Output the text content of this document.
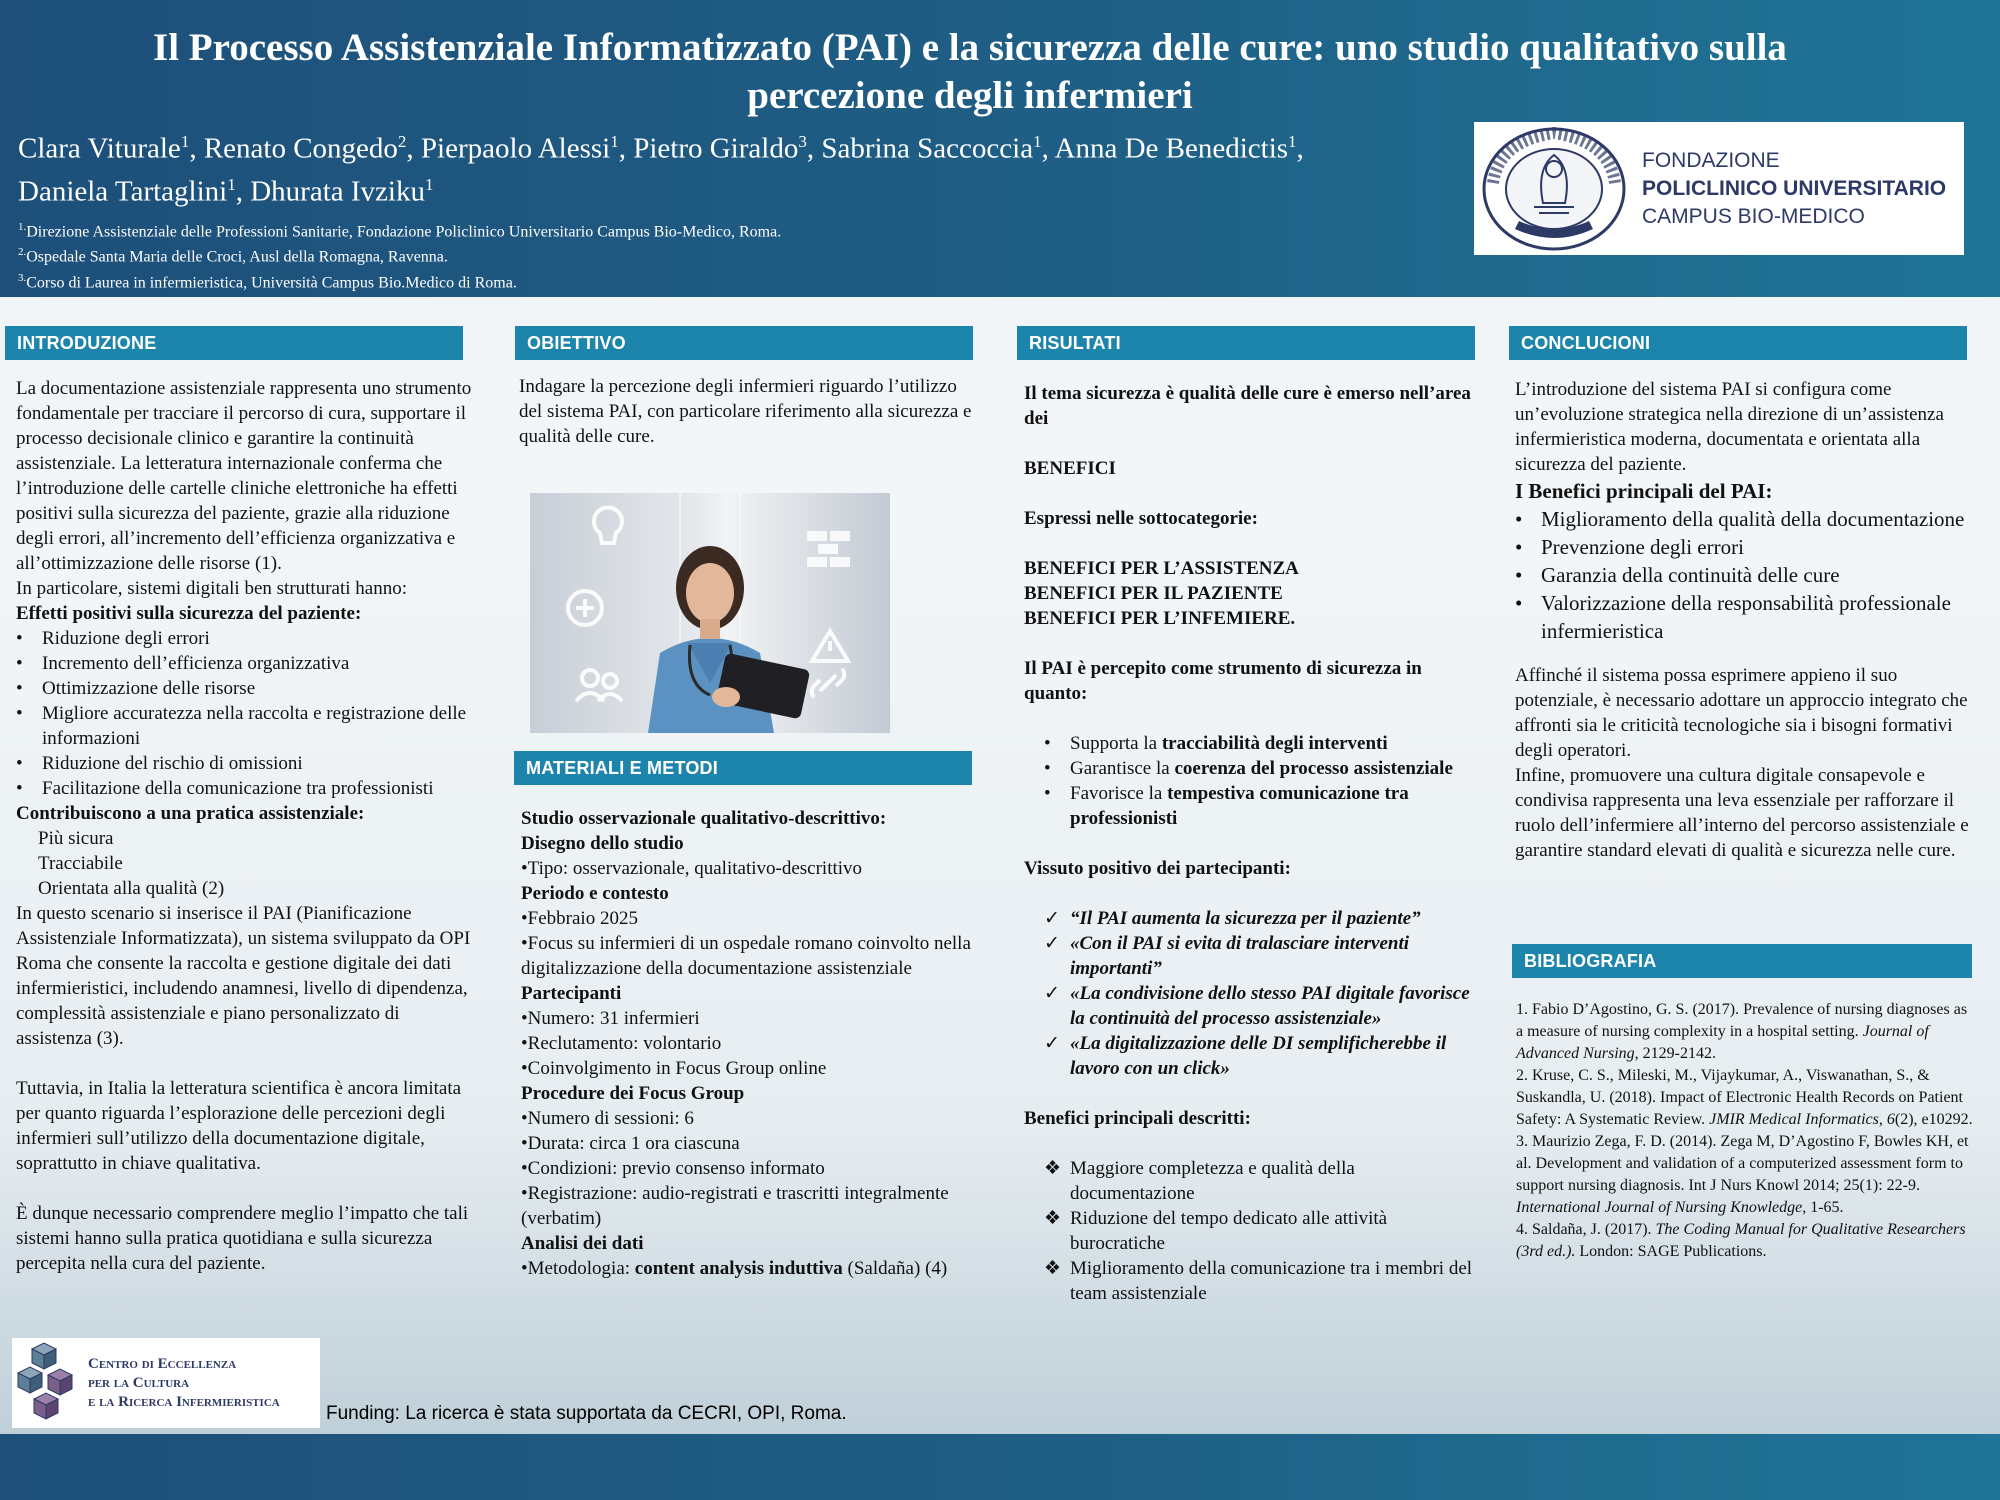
Il Processo Assistenziale Informatizzato (PAI) e la sicurezza delle cure: uno studio qualitativo sulla percezione degli infermieri
Clara Viturale$^1$, Renato Congedo$^2$, Pierpaolo Alessi$^1$, Pietro Giraldo$^3$, Sabrina Saccoccia$^1$, Anna De Benedictis$^1$,
Daniela Tartaglini$^1$, Dhurata Ivziku$^1$
$^{1.}$Direzione Assistenziale delle Professioni Sanitarie, Fondazione Policlinico Universitario Campus Bio-Medico, Roma.
$^{2.}$Ospedale Santa Maria delle Croci, Ausl della Romagna, Ravenna.
$^{3.}$Corso di Laurea in infermieristica, Università Campus Bio.Medico di Roma.
FONDAZIONE
POLICLINICO UNIVERSITARIO
CAMPUS BIO-MEDICO
INTRODUZIONE

La documentazione assistenziale rappresenta uno strumento fondamentale per tracciare il percorso di cura, supportare il processo decisionale clinico e garantire la continuità assistenziale. La letteratura internazionale conferma che l’introduzione delle cartelle cliniche elettroniche ha effetti positivi sulla sicurezza del paziente, grazie alla riduzione degli errori, all’incremento dell’efficienza organizzativa e all’ottimizzazione delle risorse (1).

In particolare, sistemi digitali ben strutturati hanno:

Effetti positivi sulla sicurezza del paziente:

• Riduzione degli errori
• Incremento dell’efficienza organizzativa
• Ottimizzazione delle risorse
• Migliore accuratezza nella raccolta e registrazione delle informazioni
• Riduzione del rischio di omissioni
• Facilitazione della comunicazione tra professionisti

Contribuiscono a una pratica assistenziale:

Più sicura
Tracciabile
Orientata alla qualità (2)

In questo scenario si inserisce il PAI (Pianificazione Assistenziale Informatizzata), un sistema sviluppato da OPI Roma che consente la raccolta e gestione digitale dei dati infermieristici, includendo anamnesi, livello di dipendenza, complessità assistenziale e piano personalizzato di assistenza (3).

Tuttavia, in Italia la letteratura scientifica è ancora limitata per quanto riguarda l’esplorazione delle percezioni degli infermieri sull’utilizzo della documentazione digitale, soprattutto in chiave qualitativa.

È dunque necessario comprendere meglio l’impatto che tali sistemi hanno sulla pratica quotidiana e sulla sicurezza percepita nella cura del paziente.

OBIETTIVO

Indagare la percezione degli infermieri riguardo l’utilizzo del sistema PAI, con particolare riferimento alla sicurezza e qualità delle cure.

MATERIALI E METODI

Studio osservazionale qualitativo-descrittivo:

Disegno dello studio

•Tipo: osservazionale, qualitativo-descrittivo

Periodo e contesto

•Febbraio 2025

•Focus su infermieri di un ospedale romano coinvolto nella digitalizzazione della documentazione assistenziale

Partecipanti

•Numero: 31 infermieri

•Reclutamento: volontario

•Coinvolgimento in Focus Group online

Procedure dei Focus Group

•Numero di sessioni: 6

•Durata: circa 1 ora ciascuna

•Condizioni: previo consenso informato

•Registrazione: audio-registrati e trascritti integralmente (verbatim)

Analisi dei dati

•Metodologia: content analysis induttiva (Saldaña) (4)

RISULTATI

Il tema sicurezza è qualità delle cure è emerso nell’area dei

BENEFICI

Espressi nelle sottocategorie:

BENEFICI PER L’ASSISTENZA

BENEFICI PER IL PAZIENTE

BENEFICI PER L’INFEMIERE.

Il PAI è percepito come strumento di sicurezza in quanto:

• Supporta la tracciabilità degli interventi
• Garantisce la coerenza del processo assistenziale
• Favorisce la tempestiva comunicazione tra professionisti

Vissuto positivo dei partecipanti:

✓ “Il PAI aumenta la sicurezza per il paziente”
✓ «Con il PAI si evita di tralasciare interventi importanti”
✓ «La condivisione dello stesso PAI digitale favorisce la continuità del processo assistenziale»
✓ «La digitalizzazione delle DI semplificherebbe il lavoro con un click»

Benefici principali descritti:

❖ Maggiore completezza e qualità della documentazione
❖ Riduzione del tempo dedicato alle attività burocratiche
❖ Miglioramento della comunicazione tra i membri del team assistenziale
CONCLUCIONI

L’introduzione del sistema PAI si configura come un’evoluzione strategica nella direzione di un’assistenza infermieristica moderna, documentata e orientata alla sicurezza del paziente.

I Benefici principali del PAI:

• Miglioramento della qualità della documentazione
• Prevenzione degli errori
• Garanzia della continuità delle cure
• Valorizzazione della responsabilità professionale infermieristica

Affinché il sistema possa esprimere appieno il suo potenziale, è necessario adottare un approccio integrato che affronti sia le criticità tecnologiche sia i bisogni formativi degli operatori.

Infine, promuovere una cultura digitale consapevole e condivisa rappresenta una leva essenziale per rafforzare il ruolo dell’infermiere all’interno del percorso assistenziale e garantire standard elevati di qualità e sicurezza nelle cure.

BIBLIOGRAFIA

1. Fabio D’Agostino, G. S. (2017). Prevalence of nursing diagnoses as a measure of nursing complexity in a hospital setting. Journal of Advanced Nursing, 2129-2142.

2. Kruse, C. S., Mileski, M., Vijaykumar, A., Viswanathan, S., & Suskandla, U. (2018). Impact of Electronic Health Records on Patient Safety: A Systematic Review. JMIR Medical Informatics, 6(2), e10292.

3. Maurizio Zega, F. D. (2014). Zega M, D’Agostino F, Bowles KH, et al. Development and validation of a computerized assessment form to support nursing diagnosis. Int J Nurs Knowl 2014; 25(1): 22-9. International Journal of Nursing Knowledge, 1-65.

4. Saldaña, J. (2017). The Coding Manual for Qualitative Researchers (3rd ed.). London: SAGE Publications.

Centro di Eccellenza
per la Cultura
e la Ricerca Infermieristica
Funding: La ricerca è stata supportata da CECRI, OPI, Roma.
